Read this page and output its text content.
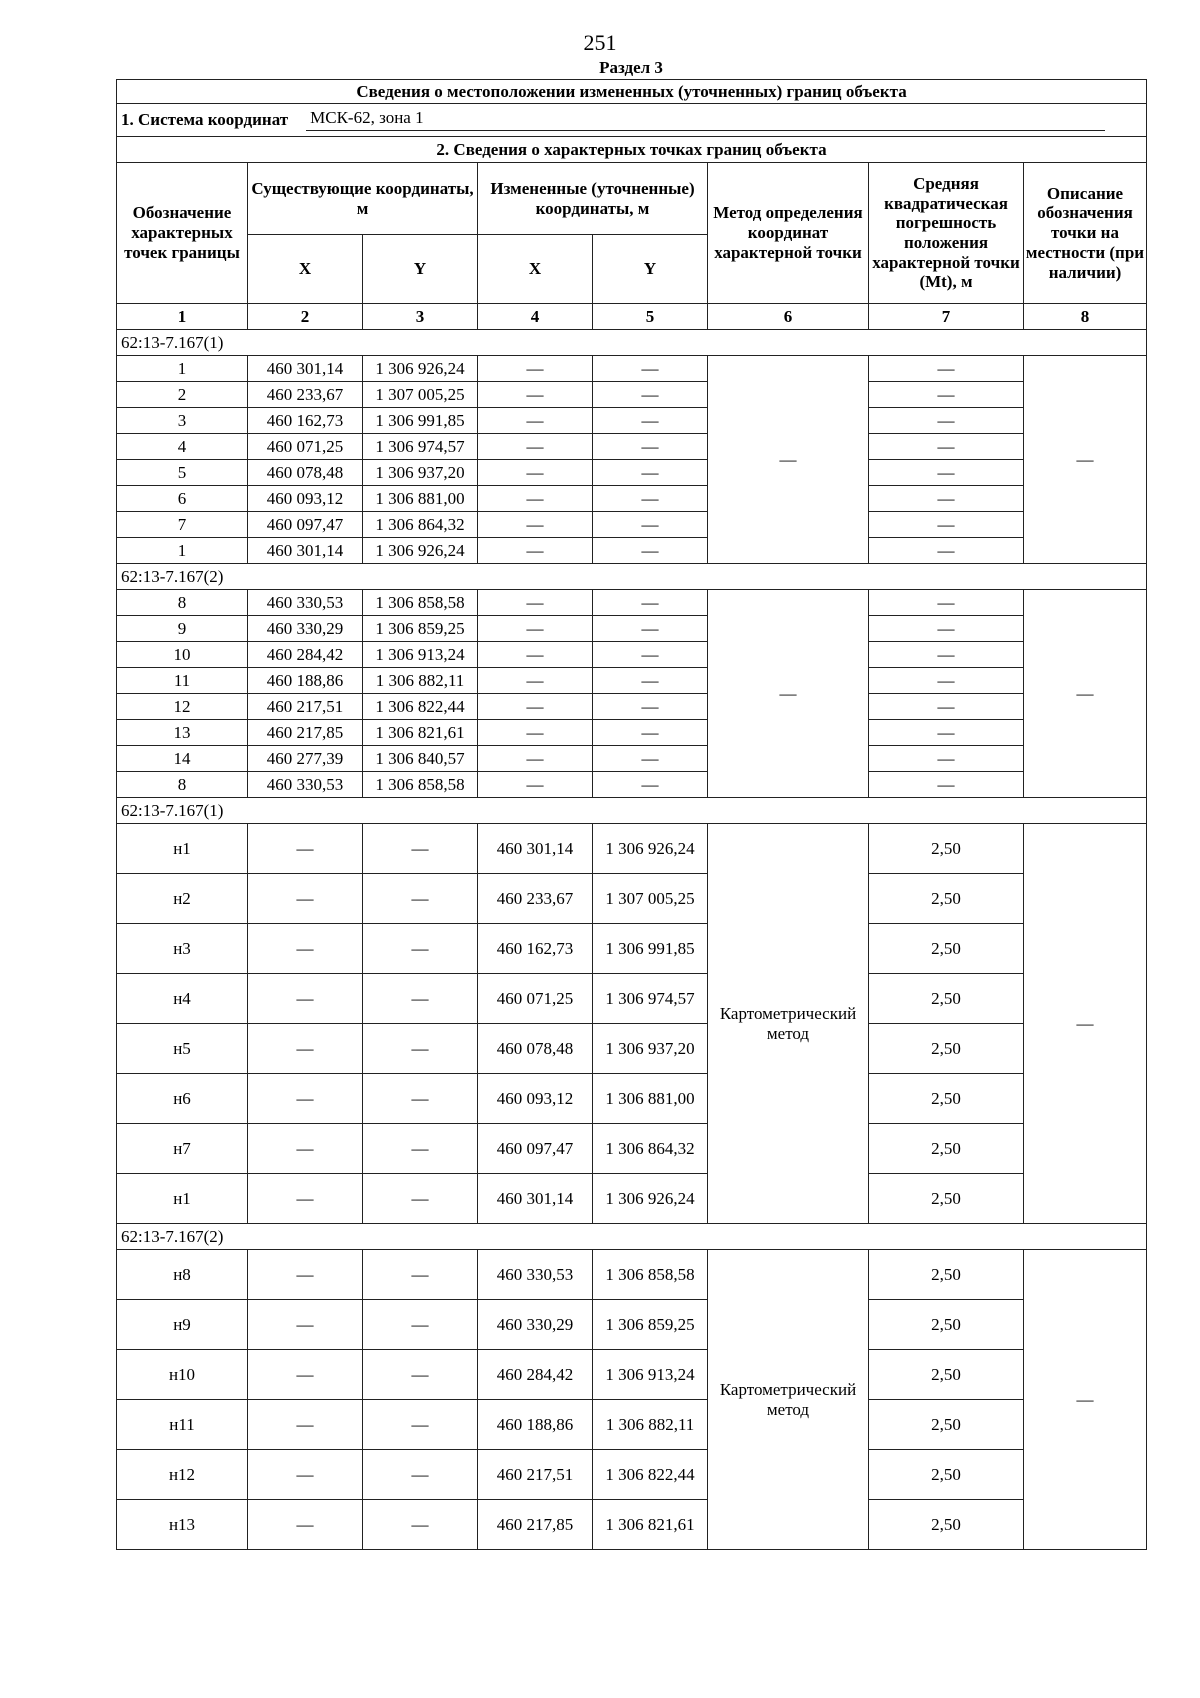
251
Раздел 3
Сведения о местоположении измененных (уточненных) границ объекта							

1. Система координат МСК-62, зона 1							

2. Сведения о характерных точках границ объекта							
Обозначение характерных точек границы	Существующие координаты, м		Измененные (уточненные) координаты, м		Метод определения координат характерной точки	Средняя квадратическая погрешность положения характерной точки (Mt), м	Описание обозначения точки на местности (при наличии)
	X	Y	X	Y			
1	2	3	4	5	6	7	8
62:13-7.167(1)							
1	460 301,14	1 306 926,24	—	—	—	—	—
2	460 233,67	1 307 005,25	—	—		—	
3	460 162,73	1 306 991,85	—	—		—	
4	460 071,25	1 306 974,57	—	—		—	
5	460 078,48	1 306 937,20	—	—		—	
6	460 093,12	1 306 881,00	—	—		—	
7	460 097,47	1 306 864,32	—	—		—	
1	460 301,14	1 306 926,24	—	—		—	
62:13-7.167(2)							
8	460 330,53	1 306 858,58	—	—	—	—	—
9	460 330,29	1 306 859,25	—	—		—	
10	460 284,42	1 306 913,24	—	—		—	
11	460 188,86	1 306 882,11	—	—		—	
12	460 217,51	1 306 822,44	—	—		—	
13	460 217,85	1 306 821,61	—	—		—	
14	460 277,39	1 306 840,57	—	—		—	
8	460 330,53	1 306 858,58	—	—		—	
62:13-7.167(1)							
н1	—	—	460 301,14	1 306 926,24	Картометрический метод	2,50	—
н2	—	—	460 233,67	1 307 005,25		2,50	
н3	—	—	460 162,73	1 306 991,85		2,50	
н4	—	—	460 071,25	1 306 974,57		2,50	
н5	—	—	460 078,48	1 306 937,20		2,50	
н6	—	—	460 093,12	1 306 881,00		2,50	
н7	—	—	460 097,47	1 306 864,32		2,50	
н1	—	—	460 301,14	1 306 926,24		2,50	
62:13-7.167(2)							
н8	—	—	460 330,53	1 306 858,58	Картометрический метод	2,50	—
н9	—	—	460 330,29	1 306 859,25		2,50	
н10	—	—	460 284,42	1 306 913,24		2,50	
н11	—	—	460 188,86	1 306 882,11		2,50	
н12	—	—	460 217,51	1 306 822,44		2,50	
н13	—	—	460 217,85	1 306 821,61		2,50	
